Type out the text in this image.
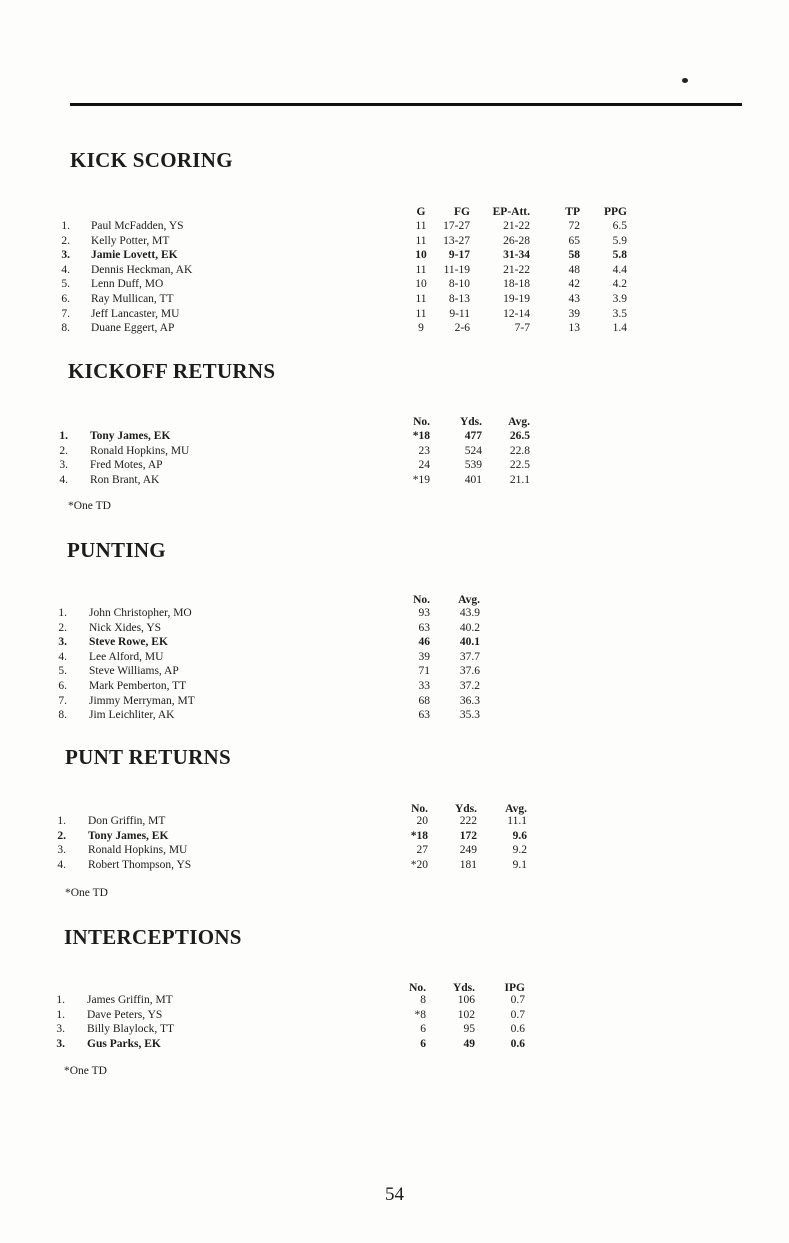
KICK SCORING
G	FG	EP-Att.	TP	PPG
1. Paul McFadden, YS	11	17-27	21-22	72	6.5
2. Kelly Potter, MT	11	13-27	26-28	65	5.9
3. Jamie Lovett, EK	10	9-17	31-34	58	5.8
4. Dennis Heckman, AK	11	11-19	21-22	48	4.4
5. Lenn Duff, MO	10	8-10	18-18	42	4.2
6. Ray Mullican, TT	11	8-13	19-19	43	3.9
7. Jeff Lancaster, MU	11	9-11	12-14	39	3.5
8. Duane Eggert, AP	9	2-6	7-7	13	1.4
KICKOFF RETURNS
No.	Yds.	Avg.
1. Tony James, EK	*18	477	26.5
2. Ronald Hopkins, MU	23	524	22.8
3. Fred Motes, AP	24	539	22.5
4. Ron Brant, AK	*19	401	21.1
*One TD
PUNTING
No.	Avg.
1. John Christopher, MO	93	43.9
2. Nick Xides, YS	63	40.2
3. Steve Rowe, EK	46	40.1
4. Lee Alford, MU	39	37.7
5. Steve Williams, AP	71	37.6
6. Mark Pemberton, TT	33	37.2
7. Jimmy Merryman, MT	68	36.3
8. Jim Leichliter, AK	63	35.3
PUNT RETURNS
No.	Yds.	Avg.
1. Don Griffin, MT	20	222	11.1
2. Tony James, EK	*18	172	9.6
3. Ronald Hopkins, MU	27	249	9.2
4. Robert Thompson, YS	*20	181	9.1
*One TD
INTERCEPTIONS
No.	Yds.	IPG
1. James Griffin, MT	8	106	0.7
1. Dave Peters, YS	*8	102	0.7
3. Billy Blaylock, TT	6	95	0.6
3. Gus Parks, EK	6	49	0.6
*One TD
54
